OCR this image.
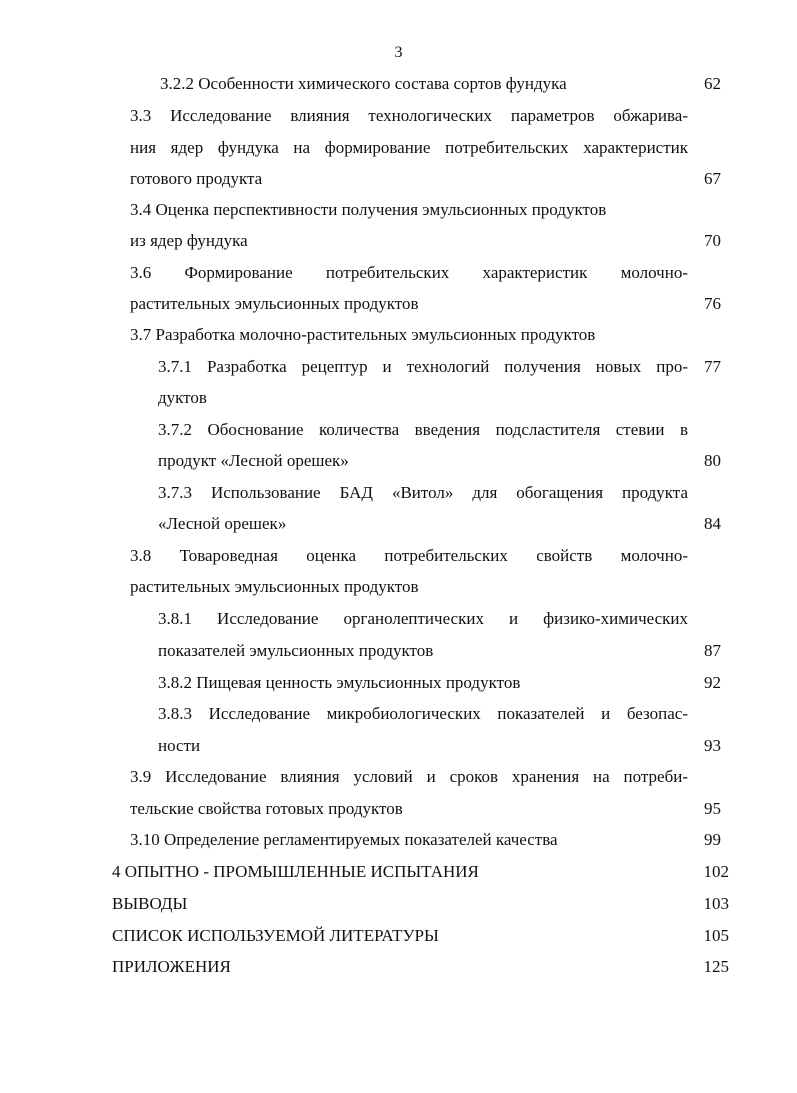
3
3.2.2 Особенности химического состава сортов фундука	62
3.3 Исследование влияния технологических параметров обжарива-
ния ядер фундука на формирование потребительских характеристик
готового продукта	67
3.4 Оценка перспективности получения эмульсионных продуктов
из ядер фундука	70
3.6 Формирование потребительских характеристик молочно-
растительных эмульсионных продуктов	76
3.7 Разработка молочно-растительных эмульсионных продуктов
3.7.1 Разработка рецептур и технологий получения новых про- 77
дуктов
3.7.2 Обоснование количества введения подсластителя стевии в
продукт «Лесной орешек»	80
3.7.3 Использование БАД «Витол» для обогащения продукта
«Лесной орешек»	84
3.8 Товароведная оценка потребительских свойств молочно-
растительных эмульсионных продуктов
3.8.1 Исследование органолептических и физико-химических
показателей эмульсионных продуктов	87
3.8.2 Пищевая ценность эмульсионных продуктов	92
3.8.3 Исследование микробиологических показателей и безопас-
ности	93
3.9 Исследование влияния условий и сроков хранения на потреби-
тельские свойства готовых продуктов	95
3.10 Определение регламентируемых показателей качества	99
4 ОПЫТНО - ПРОМЫШЛЕННЫЕ ИСПЫТАНИЯ	102
ВЫВОДЫ	103
СПИСОК ИСПОЛЬЗУЕМОЙ ЛИТЕРАТУРЫ	105
ПРИЛОЖЕНИЯ	125
